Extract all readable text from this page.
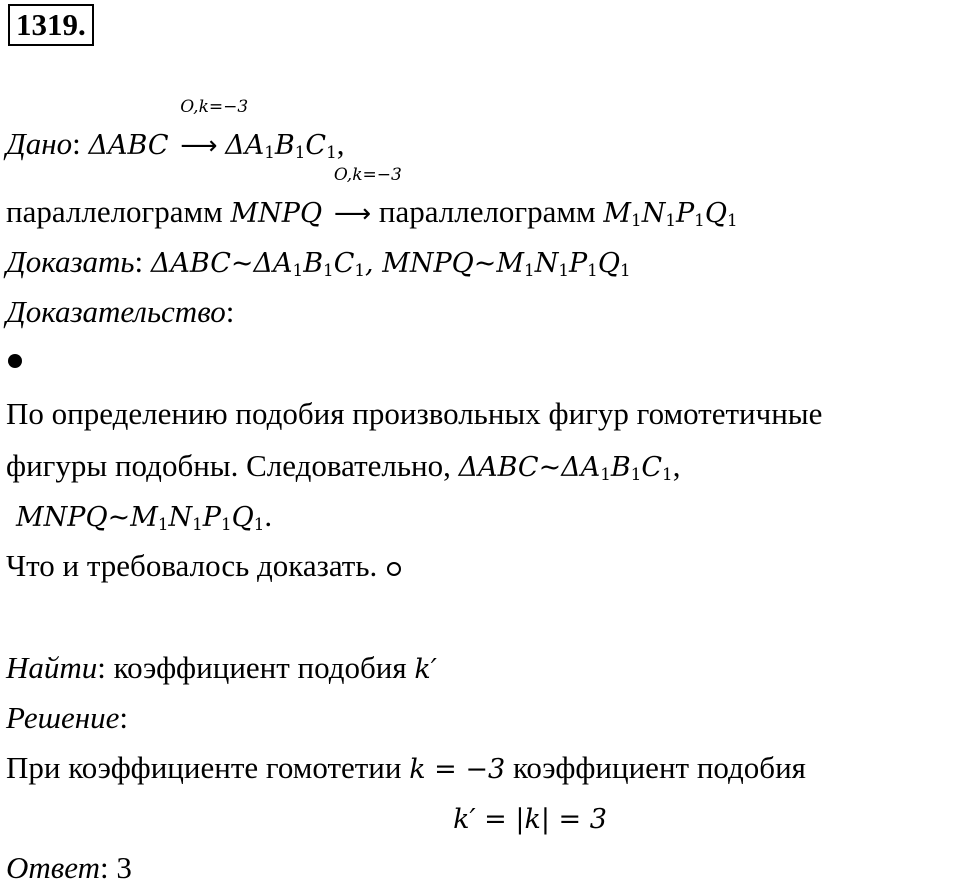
1319.
Дано: ΔABC
O,k=−3
⟶ $\Delta A_1B_1C_1$,
параллелограмм MNPQ
O,k=−3
⟶ параллелограмм $M_1N_1P_1Q_1$
Доказать: $\Delta ABC\sim\Delta A_1B_1C_1$, $MNPQ\sim M_1N_1P_1Q_1$
Доказательство:
По определению подобия произвольных фигур гомотетичные
фигуры подобны. Следовательно, $\Delta ABC\sim\Delta A_1B_1C_1$,
$MNPQ\sim M_1N_1P_1Q_1$.
Что и требовалось доказать.
Найти: коэффициент подобия k′
Решение:
При коэффициенте гомотетии k = −3 коэффициент подобия
k′ = |k| = 3
Ответ: 3
